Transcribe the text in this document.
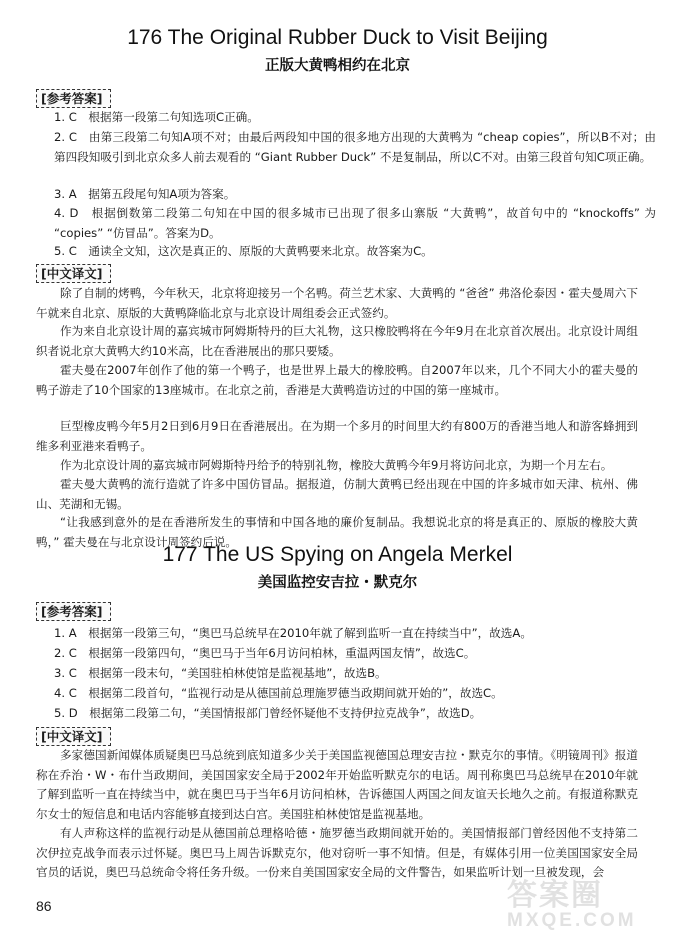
176 The Original Rubber Duck to Visit Beijing
正版大黄鸭相约在北京
[参考答案]
1. C　根据第一段第二句知选项C正确。
2. C　由第三段第二句知A项不对；由最后两段知中国的很多地方出现的大黄鸭为 “cheap copies”，所以B不对；由第四段知吸引到北京众多人前去观看的 “Giant Rubber Duck” 不是复制品，所以C不对。由第三段首句知C项正确。
3. A　据第五段尾句知A项为答案。
4. D　根据倒数第二段第二句知在中国的很多城市已出现了很多山寨版 “大黄鸭”，故首句中的 “knockoffs” 为 “copies” “仿冒品”。答案为D。
5. C　通读全文知，这次是真正的、原版的大黄鸭要来北京。故答案为C。
[中文译文]
除了自制的烤鸭，今年秋天，北京将迎接另一个名鸭。荷兰艺术家、大黄鸭的 “爸爸” 弗洛伦泰因・霍夫曼周六下午就来自北京、原版的大黄鸭降临北京与北京设计周组委会正式签约。
作为来自北京设计周的嘉宾城市阿姆斯特丹的巨大礼物，这只橡胶鸭将在今年9月在北京首次展出。北京设计周组织者说北京大黄鸭大约10米高，比在香港展出的那只要矮。
霍夫曼在2007年创作了他的第一个鸭子，也是世界上最大的橡胶鸭。自2007年以来，几个不同大小的霍夫曼的鸭子游走了10个国家的13座城市。在北京之前，香港是大黄鸭造访过的中国的第一座城市。
巨型橡皮鸭今年5月2日到6月9日在香港展出。在为期一个多月的时间里大约有800万的香港当地人和游客蜂拥到维多利亚港来看鸭子。
作为北京设计周的嘉宾城市阿姆斯特丹给予的特别礼物，橡胶大黄鸭今年9月将访问北京，为期一个月左右。
霍夫曼大黄鸭的流行造就了许多中国仿冒品。据报道，仿制大黄鸭已经出现在中国的许多城市如天津、杭州、佛山、芜湖和无锡。
“让我感到意外的是在香港所发生的事情和中国各地的廉价复制品。我想说北京的将是真正的、原版的橡胶大黄鸭，” 霍夫曼在与北京设计周签约后说。
177 The US Spying on Angela Merkel
美国监控安吉拉・默克尔
[参考答案]
1. A　根据第一段第三句，“奥巴马总统早在2010年就了解到监听一直在持续当中”，故选A。
2. C　根据第一段第四句，“奥巴马于当年6月访问柏林，重温两国友情”，故选C。
3. C　根据第一段末句，“美国驻柏林使馆是监视基地”，故选B。
4. C　根据第二段首句，“监视行动是从德国前总理施罗德当政期间就开始的”，故选C。
5. D　根据第二段第二句，“美国情报部门曾经怀疑他不支持伊拉克战争”，故选D。
[中文译文]
多家德国新闻媒体质疑奥巴马总统到底知道多少关于美国监视德国总理安吉拉・默克尔的事情。《明镜周刊》报道称在乔治・W・布什当政期间，美国国家安全局于2002年开始监听默克尔的电话。周刊称奥巴马总统早在2010年就了解到监听一直在持续当中，就在奥巴马于当年6月访问柏林，告诉德国人两国之间友谊天长地久之前。有报道称默克尔女士的短信息和电话内容能够直接到达白宫。美国驻柏林使馆是监视基地。
有人声称这样的监视行动是从德国前总理格哈德・施罗德当政期间就开始的。美国情报部门曾经因他不支持第二次伊拉克战争而表示过怀疑。奥巴马上周告诉默克尔，他对窃听一事不知情。但是，有媒体引用一位美国国家安全局官员的话说，奥巴马总统命令将任务升级。一份来自美国国家安全局的文件警告，如果监听计划一旦被发现，会
86	答案圈
MXQE.COM
